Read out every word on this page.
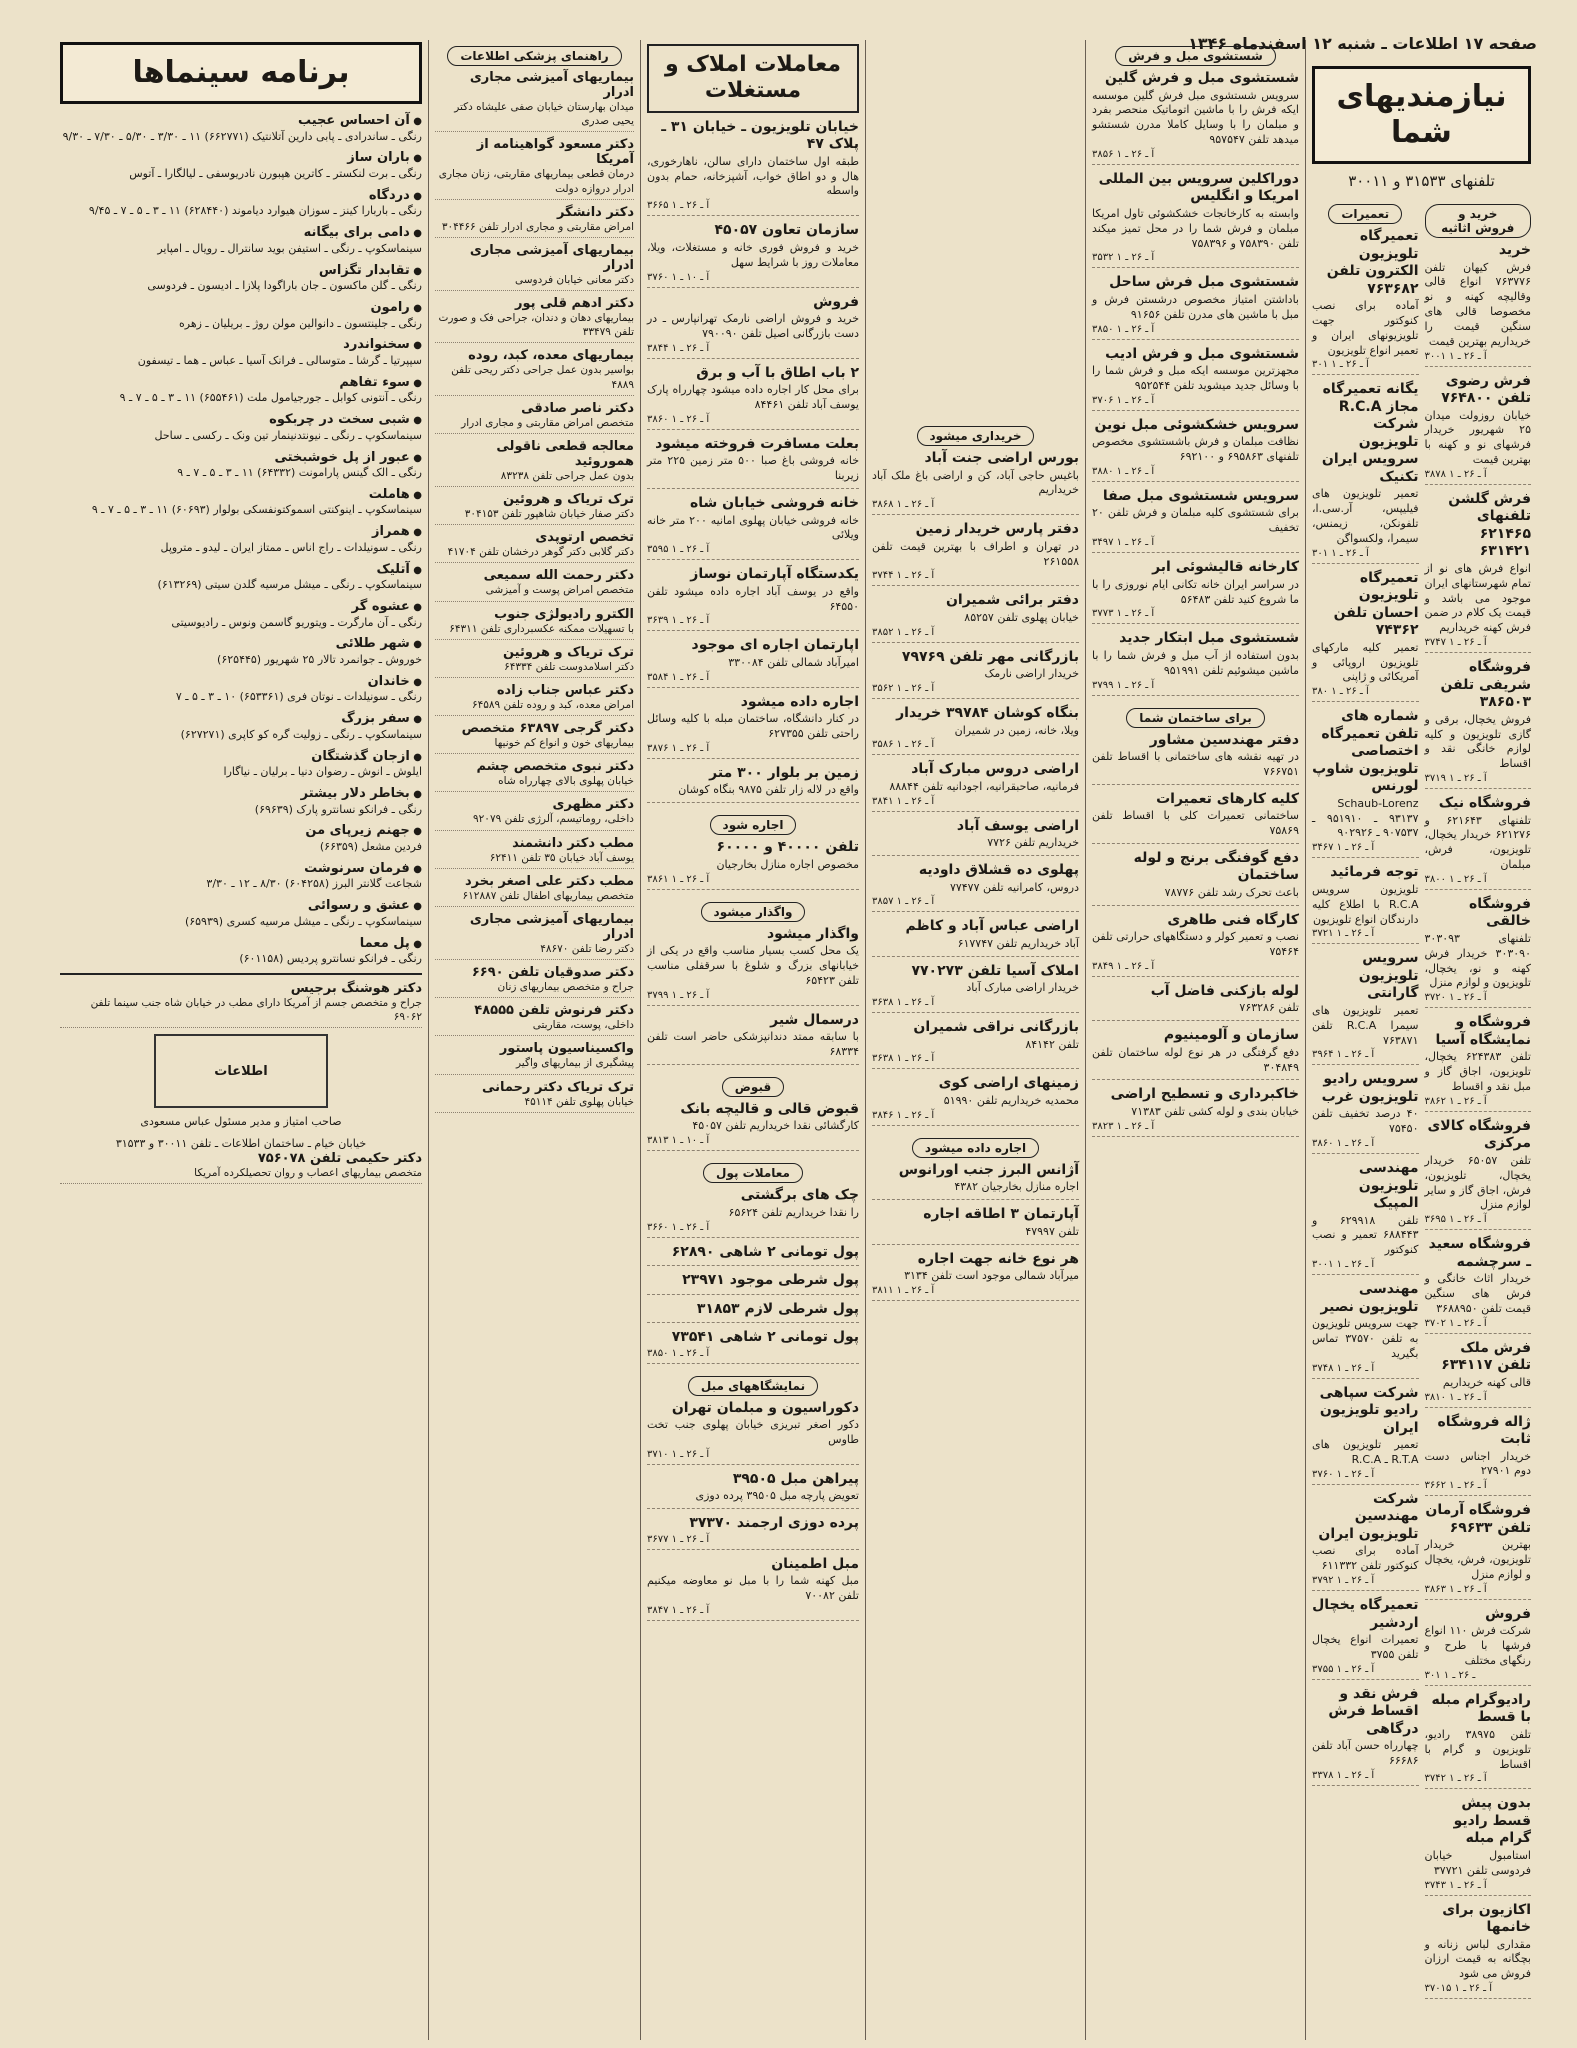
صفحه ۱۷ اطلاعات ـ شنبه ۱۲ اسفندماه ۱۳۴۶
نیازمندیهای شما
تلفنهای ۳۱۵۳۳ و ۳۰۰۱۱
خرید و فروش اثاثیه
خرید

فرش کیهان تلفن ۷۶۳۷۷۶ انواع قالی وقالیچه کهنه و نو مخصوصا قالی های سنگین قیمت را خریداریم بهترین قیمت

۳۰۰۱ آ ـ ۲۶ ـ ۱
فرش رضوی تلفن ۷۶۴۸۰۰

خیابان روزولت میدان ۲۵ شهریور خریدار فرشهای نو و کهنه با بهترین قیمت

۳۸۷۸ آ ـ ۲۶ ـ ۱
فرش گلشن تلفنهای ۶۲۱۴۶۵ ۶۳۱۴۲۱

انواع فرش های نو از تمام شهرستانهای ایران موجود می باشد و قیمت یک کلام در ضمن فرش کهنه خریداریم

۳۷۴۷ آ ـ ۲۶ ـ ۱
فروشگاه شریفی تلفن ۳۸۶۵۰۳

فروش یخچال، برقی و گازی تلویزیون و کلیه لوازم خانگی نقد و اقساط

۳۷۱۹ آ ـ ۲۶ ـ ۱
فروشگاه نیک

تلفنهای ۶۲۱۶۴۳ و ۶۲۱۲۷۶ خریدار یخچال، تلویزیون، فرش، مبلمان

۳۸۰۰ آ ـ ۲۶ ـ ۱
فروشگاه خالقی

تلفنهای ۳۰۳۰۹۳ ۳۰۳۰۹۰ خریدار فرش کهنه و نو، یخچال، تلویزیون و لوازم منزل

۳۷۲۰ آ ـ ۲۶ ـ ۱
فروشگاه و نمایشگاه آسیا

تلفن ۶۲۴۳۸۳ یخچال، تلویزیون، اجاق گاز و مبل نقد و اقساط

۳۸۶۲ آ ـ ۲۶ ـ ۱
فروشگاه کالای مرکزی

تلفن ۶۵۰۵۷ خریدار یخچال، تلویزیون، فرش، اجاق گاز و سایر لوازم منزل

۳۶۹۵ آ ـ ۲۶ ـ ۱
فروشگاه سعید ـ سرچشمه

خریدار اثاث خانگی و فرش های سنگین قیمت تلفن ۳۶۸۸۹۵۰

۳۷۰۲ آ ـ ۲۶ ـ ۱
فرش ملک تلفن ۶۳۴۱۱۷

قالی کهنه خریداریم

۳۸۱۰ آ ـ ۲۶ ـ ۱
ژاله فروشگاه ثابت

خریدار اجناس دست دوم ۲۷۹۰۱

۳۶۶۲ آ ـ ۲۶ ـ ۱
فروشگاه آرمان تلفن ۶۹۶۳۳

بهترین خریدار تلویزیون، فرش، یخچال و لوازم منزل

۳۸۶۳ آ ـ ۲۶ ـ ۱
فروش

شرکت فرش ۱۱۰ انواع فرشها با طرح و رنگهای مختلف

۳۰۱ ـ ۲۶ ـ ۱
رادیوگرام مبله با قسط

تلفن ۳۸۹۷۵ رادیو، تلویزیون و گرام با اقساط

۳۷۴۲ آ ـ ۲۶ ـ ۱
بدون پیش قسط رادیو گرام مبله

استامبول خیابان فردوسی تلفن ۳۷۷۲۱

۳۷۴۳ آ ـ ۲۶ ـ ۱
اکازیون برای خانمها

مقداری لباس زنانه و بچگانه به قیمت ارزان فروش می شود

۳۷۰۱۵ آ ـ ۲۶ ـ ۱
تعمیرات
تعمیرگاه تلویزیون الکترون تلفن ۷۶۳۶۸۲

آماده برای نصب کنوکتور جهت تلویزیونهای ایران و تعمیر انواع تلویزیون

۳۰۱ آ ـ ۲۶ ـ ۱
یگانه تعمیرگاه مجاز R.C.A شرکت تلویزیون سرویس ایران تکنیک

تعمیر تلویزیون های فیلیپس، آر.سی.ا، تلفونکن، زیمنس، سیمرا، ولکسواگن

۳۰۱ آ ـ ۲۶ ـ ۱
تعمیرگاه تلویزیون احسان تلفن ۷۴۳۶۲

تعمیر کلیه مارکهای تلویزیون اروپائی و آمریکائی و ژاپنی

۳۸۰ آ ـ ۲۶ ـ ۱
شماره های تلفن تعمیرگاه اختصاصی تلویزیون شاوپ لورنس

Schaub-Lorenz ۹۳۱۳۷ ـ ۹۵۱۹۱۰ ـ ۹۰۷۵۳۷ ـ ۹۰۲۹۲۶

۳۴۶۷ آ ـ ۲۶ ـ ۱
توجه فرمائید

تلویزیون سرویس R.C.A با اطلاع کلیه دارندگان انواع تلویزیون

۳۷۲۱ آ ـ ۲۶ ـ ۱
سرویس تلویزیون گارانتی

تعمیر تلویزیون های سیمرا R.C.A تلفن ۷۶۳۸۷۱

۳۹۶۴ آ ـ ۲۶ ـ ۱
سرویس رادیو تلویزیون غرب

۴۰ درصد تخفیف تلفن ۷۵۴۵۰

۳۸۶۰ آ ـ ۲۶ ـ ۱
مهندسی تلویزیون المپیک

تلفن ۶۲۹۹۱۸ و ۶۸۸۴۴۳ تعمیر و نصب کنوکتور

۳۰۰۱ آ ـ ۲۶ ـ ۱
مهندسی تلویزیون نصیر

جهت سرویس تلویزیون به تلفن ۳۷۵۷۰ تماس بگیرید

۳۷۴۸ آ ـ ۲۶ ـ ۱
شرکت سپاهی رادیو تلویزیون ایران

تعمیر تلویزیون های R.T.A ـ R.C.A

۳۷۶۰ آ ـ ۲۶ ـ ۱
شرکت مهندسین تلویزیون ایران

آماده برای نصب کنوکتور تلفن ۶۱۱۳۳۲

۳۷۹۲ آ ـ ۲۶ ـ ۱
تعمیرگاه یخچال اردشیر

تعمیرات انواع یخچال تلفن ۳۷۵۵

۳۷۵۵ آ ـ ۲۶ ـ ۱
فرش نقد و اقساط فرش درگاهی

چهارراه حسن آباد تلفن ۶۶۶۸۶

۳۳۷۸ آ ـ ۲۶ ـ ۱
شستشوی مبل و فرش
شستشوی مبل و فرش گلین

سرویس شستشوی مبل فرش گلین موسسه ایکه فرش را با ماشین اتوماتیک منحصر بفرد و مبلمان را با وسایل کاملا مدرن شستشو میدهد تلفن ۹۵۷۵۴۷

۳۸۵۶ آ ـ ۲۶ ـ ۱
دوراکلین سرویس بین المللی امریکا و انگلیس

وابسته به کارخانجات خشکشوئی تاول امریکا مبلمان و فرش شما را در محل تمیز میکند تلفن ۷۵۸۳۹۰ و ۷۵۸۳۹۶

۳۵۳۲ آ ـ ۲۶ ـ ۱
شستشوی مبل فرش ساحل

باداشتن امتیاز مخصوص درشستن فرش و مبل با ماشین های مدرن تلفن ۹۱۶۵۶

۳۸۵۰ آ ـ ۲۶ ـ ۱
شستشوی مبل و فرش ادیب

مجهزترین موسسه ایکه مبل و فرش شما را با وسائل جدید میشوید تلفن ۹۵۲۵۴۴

۳۷۰۶ آ ـ ۲۶ ـ ۱
سرویس خشکشوئی مبل نوین

نظافت مبلمان و فرش باشستشوی مخصوص تلفنهای ۶۹۵۸۶۳ و ۶۹۲۱۰۰

۳۸۸۰ آ ـ ۲۶ ـ ۱
سرویس شستشوی مبل صفا

برای شستشوی کلیه مبلمان و فرش تلفن ۲۰ تخفیف

۳۴۹۷ آ ـ ۲۶ ـ ۱
کارخانه قالیشوئی ابر

در سراسر ایران خانه تکانی ایام نوروزی را با ما شروع کنید تلفن ۵۶۴۸۳

۳۷۷۳ آ ـ ۲۶ ـ ۱
شستشوی مبل ابتکار جدید

بدون استفاده از آب مبل و فرش شما را با ماشین میشوئیم تلفن ۹۵۱۹۹۱

۳۷۹۹ آ ـ ۲۶ ـ ۱
برای ساختمان شما
دفتر مهندسین مشاور

در تهیه نقشه های ساختمانی با اقساط تلفن ۷۶۶۷۵۱

کلیه کارهای تعمیرات

ساختمانی تعمیرات کلی با اقساط تلفن ۷۵۸۶۹

دفع گوفنگی برنج و لوله ساختمان

باعث تحرک رشد تلفن ۷۸۷۷۶

کارگاه فنی طاهری

نصب و تعمیر کولر و دستگاههای حرارتی تلفن ۷۵۴۶۴

۳۸۴۹ آ ـ ۲۶ ـ ۱
لوله بازکنی فاضل آب

تلفن ۷۶۳۲۸۶

سازمان و آلومینیوم

دفع گرفتگی در هر نوع لوله ساختمان تلفن ۳۰۴۸۴۹

خاکبرداری و تسطیح اراضی

خیابان بندی و لوله کشی تلفن ۷۱۳۸۳

۳۸۲۳ آ ـ ۲۶ ـ ۱
خریداری میشود
بورس اراضی جنت آباد

باغیس حاجی آباد، کن و اراضی باغ ملک آباد خریداریم

۳۸۶۸ آ ـ ۲۶ ـ ۱
دفتر پارس خریدار زمین

در تهران و اطراف با بهترین قیمت تلفن ۲۶۱۵۵۸

۳۷۴۴ آ ـ ۲۶ ـ ۱
دفتر برائی شمیران

خیابان پهلوی تلفن ۸۵۲۵۷

۳۸۵۲ آ ـ ۲۶ ـ ۱
بازرگانی مهر تلفن ۷۹۷۶۹

خریدار اراضی نارمک

۳۵۶۲ آ ـ ۲۶ ـ ۱
بنگاه کوشان ۳۹۷۸۴ خریدار

ویلا، خانه، زمین در شمیران

۳۵۸۶ آ ـ ۲۶ ـ ۱
اراضی دروس مبارک آباد

فرمانیه، صاحبقرانیه، اجودانیه تلفن ۸۸۸۴۴

۳۸۴۱ آ ـ ۲۶ ـ ۱
اراضی یوسف آباد

خریداریم تلفن ۷۷۲۶

پهلوی ده قشلاق داودیه

دروس، کامرانیه تلفن ۷۷۴۷۷

۳۸۵۷ آ ـ ۲۶ ـ ۱
اراضی عباس آباد و کاظم

آباد خریداریم تلفن ۶۱۷۷۴۷

املاک آسیا تلفن ۷۷۰۲۷۳

خریدار اراضی مبارک آباد

۳۶۳۸ آ ـ ۲۶ ـ ۱
بازرگانی نراقی شمیران

تلفن ۸۴۱۴۲

۳۶۳۸ آ ـ ۲۶ ـ ۱
زمینهای اراضی کوی

محمدیه خریداریم تلفن ۵۱۹۹۰

۳۸۴۶ آ ـ ۲۶ ـ ۱
اجاره داده میشود
آژانس البرز جنب اورانوس

اجاره منازل بخارجیان ۴۳۸۲

آپارتمان ۳ اطاقه اجاره

تلفن ۴۷۹۹۷

هر نوع خانه جهت اجاره

میرآباد شمالی موجود است تلفن ۳۱۳۴

۳۸۱۱ آ ـ ۲۶ ـ ۱
معاملات املاک و مستغلات
خیابان تلویزیون ـ خیابان ۳۱ ـ پلاک ۴۷

طبقه اول ساختمان دارای سالن، ناهارخوری، هال و دو اطاق خواب، آشپزخانه، حمام بدون واسطه

۳۶۶۵ آ ـ ۲۶ ـ ۱
سازمان تعاون ۴۵۰۵۷

خرید و فروش فوری خانه و مستغلات، ویلا، معاملات روز با شرایط سهل

۳۷۶۰ آ ـ ۱۰ ـ ۱
فروش

خرید و فروش اراضی نارمک تهرانپارس ـ در دست بازرگانی اصیل تلفن ۷۹۰۰۹۰

۳۸۴۴ آ ـ ۲۶ ـ ۱
۲ باب اطاق با آب و برق

برای محل کار اجاره داده میشود چهارراه پارک یوسف آباد تلفن ۸۴۴۶۱

۳۸۶۰ آ ـ ۲۶ ـ ۱
بعلت مسافرت فروخته میشود

خانه فروشی باغ صبا ۵۰۰ متر زمین ۲۲۵ متر زیربنا

خانه فروشی خیابان شاه

خانه فروشی خیابان پهلوی امانیه ۲۰۰ متر خانه ویلائی

۳۵۹۵ آ ـ ۲۶ ـ ۱
یکدستگاه آپارتمان نوساز

واقع در یوسف آباد اجاره داده میشود تلفن ۶۴۵۵۰

۳۶۳۹ آ ـ ۲۶ ـ ۱
اپارتمان اجاره ای موجود

امیرآباد شمالی تلفن ۳۳۰۰۸۴

۳۵۸۴ آ ـ ۲۶ ـ ۱
اجاره داده میشود

در کنار دانشگاه، ساختمان مبله با کلیه وسائل راحتی تلفن ۶۲۷۳۵۵

۳۸۷۶ آ ـ ۲۶ ـ ۱
زمین بر بلوار ۳۰۰ متر

واقع در لاله زار تلفن ۹۸۷۵ بنگاه کوشان

اجاره شود
تلفن ۴۰۰۰۰ و ۶۰۰۰۰

مخصوص اجاره منازل بخارجیان

۳۸۶۱ آ ـ ۲۶ ـ ۱
واگذار میشود
واگذار میشود

یک محل کسب بسیار مناسب واقع در یکی از خیابانهای بزرگ و شلوغ با سرقفلی مناسب تلفن ۶۵۴۲۳

۳۷۹۹ آ ـ ۲۶ ـ ۱
درسمال شیر

با سابقه ممتد دندانپزشکی حاضر است تلفن ۶۸۳۳۴

قبوض
قبوض قالی و قالیچه بانک

کارگشائی نقدا خریداریم تلفن ۴۵۰۵۷

۳۸۱۳ آ ـ ۱۰ ـ ۱
معاملات پول
چک های برگشتی

را نقدا خریداریم تلفن ۶۵۶۲۴

۳۶۶۰ آ ـ ۲۶ ـ ۱
پول تومانی ۲ شاهی ۶۲۸۹۰
پول شرطی موجود ۲۳۹۷۱
پول شرطی لازم ۳۱۸۵۳
پول تومانی ۲ شاهی ۷۳۵۴۱
۳۸۵۰ آ ـ ۲۶ ـ ۱
نمایشگاههای مبل
دکوراسیون و مبلمان تهران

دکور اصغر تبریزی خیابان پهلوی جنب تخت طاوس

۳۷۱۰ آ ـ ۲۶ ـ ۱
پیراهن مبل ۳۹۵۰۵

تعویض پارچه مبل ۳۹۵۰۵ پرده دوزی

پرده دوزی ارجمند ۳۷۳۷۰
۳۶۷۷ آ ـ ۲۶ ـ ۱
مبل اطمینان

مبل کهنه شما را با مبل نو معاوضه میکنیم تلفن ۷۰۰۸۲

۳۸۴۷ آ ـ ۲۶ ـ ۱
راهنمای پزشکی اطلاعات
بیماریهای آمیزشی مجاری ادرار

میدان بهارستان خیابان صفی علیشاه دکتر یحیی صدری

دکتر مسعود گواهینامه از آمریکا

درمان قطعی بیماریهای مقاربتی، زنان مجاری ادرار دروازه دولت

دکتر دانشگر

امراض مقاربتی و مجاری ادرار تلفن ۳۰۴۴۶۶

بیماریهای آمیزشی مجاری ادرار

دکتر معانی خیابان فردوسی

دکتر ادهم قلی پور

بیماریهای دهان و دندان، جراحی فک و صورت تلفن ۳۳۴۷۹

بیماریهای معده، کبد، روده

بواسیر بدون عمل جراحی دکتر ریحی تلفن ۴۸۸۹

دکتر ناصر صادقی

متخصص امراض مقاربتی و مجاری ادرار

معالجه قطعی ناقولی هموروئید

بدون عمل جراحی تلفن ۸۳۲۳۸

ترک تریاک و هروئین

دکتر صفار خیابان شاهپور تلفن ۳۰۴۱۵۳

تخصص ارتوپدی

دکتر گلابی دکتر گوهر درخشان تلفن ۴۱۷۰۴

دکتر رحمت الله سمیعی

متخصص امراض پوست و آمیزشی

الکترو رادیولژی جنوب

با تسهیلات ممکنه عکسبرداری تلفن ۶۴۳۱۱

ترک تریاک و هروئین

دکتر اسلامدوست تلفن ۶۴۳۳۴

دکتر عباس جناب زاده

امراض معده، کبد و روده تلفن ۶۴۵۸۹

دکتر گرجی ۶۳۸۹۷ متخصص

بیماریهای خون و انواع کم خونیها

دکتر نبوی متخصص چشم

خیابان پهلوی بالای چهارراه شاه

دکتر مظهری

داخلی، روماتیسم، آلرژی تلفن ۹۲۰۷۹

مطب دکتر دانشمند

یوسف آباد خیابان ۳۵ تلفن ۶۲۴۱۱

مطب دکتر علی اصغر بخرد

متخصص بیماریهای اطفال تلفن ۶۱۲۸۸۷

بیماریهای آمیزشی مجاری ادرار

دکتر رضا تلفن ۴۸۶۷۰

دکتر صدوقیان تلفن ۶۶۹۰

جراح و متخصص بیماریهای زنان

دکتر فرنوش تلفن ۴۸۵۵۵

داخلی، پوست، مقاربتی

واکسیناسیون پاستور

پیشگیری از بیماریهای واگیر

ترک تریاک دکتر رحمانی

خیابان پهلوی تلفن ۴۵۱۱۴

برنامه سینماها
● آن احساس عجیب
رنگی ـ ساندرادی ـ پابی دارین آتلانتیک (۶۶۲۷۷۱) ۱۱ ـ ۳/۳۰ ـ ۵/۳۰ ـ ۷/۳۰ ـ ۹/۳۰
● باران ساز
رنگی ـ برت لنکستر ـ کاترین هپبورن نادریوسفی ـ لیالگارا ـ آتوس
● دردگاه
رنگی ـ باربارا کینز ـ سوزان هیوارد دیاموند (۶۲۸۴۴۰) ۱۱ ـ ۳ ـ ۵ ـ ۷ ـ ۹/۴۵
● دامی برای بیگانه
سینماسکوپ ـ رنگی ـ استیفن بوید سانترال ـ رویال ـ امپایر
● تقابدار تگزاس
رنگی ـ گلن ماکسون ـ جان باراگودا پلازا ـ ادیسون ـ فردوسی
● رامون
رنگی ـ جلینتسون ـ دانوالین مولن روژ ـ بریلیان ـ زهره
● سخنواندرد
سپپرتیا ـ گرشا ـ متوسالی ـ فرانک آسیا ـ عباس ـ هما ـ تیسفون
● سوء تفاهم
رنگی ـ آنتونی کوابل ـ جورجیامول ملت (۶۵۵۴۶۱) ۱۱ ـ ۳ ـ ۵ ـ ۷ ـ ۹
● شبی سخت در چربکوه
سینماسکوپ ـ رنگی ـ نیونتدنینمار تین ونک ـ رکسی ـ ساحل
● عبور از پل خوشبختی
رنگی ـ الک گینس پارامونت (۶۴۳۳۲) ۱۱ ـ ۳ ـ ۵ ـ ۷ ـ ۹
● هاملت
سینماسکوپ ـ اینوکنتی اسموکتونفسکی بولوار (۶۰۶۹۳) ۱۱ ـ ۳ ـ ۵ ـ ۷ ـ ۹
● همراز
رنگی ـ سونیلدات ـ راج اناس ـ ممتاز ایران ـ لیدو ـ متروپل
● آتلیک
سینماسکوپ ـ رنگی ـ میشل مرسیه گلدن سیتی (۶۱۳۲۶۹)
● عشوه گر
رنگی ـ آن مارگرت ـ ویتوریو گاسمن ونوس ـ رادیوسیتی
● شهر طلائی
خوروش ـ جوانمرد تالار ۲۵ شهریور (۶۲۵۴۴۵)
● خاندان
رنگی ـ سونیلدات ـ نوتان فری (۶۵۳۳۶۱) ۱۰ ـ ۳ ـ ۵ ـ ۷
● سفر بزرگ
سینماسکوپ ـ رنگی ـ زولیت گره کو کاپری (۶۲۷۲۷۱)
● ازجان گذشتگان
ایلوش ـ انوش ـ رضوان دنیا ـ برلیان ـ نیاگارا
● بخاطر دلار بیشتر
رنگی ـ فرانکو نسانترو پارک (۶۹۶۳۹)
● جهنم زیرپای من
فردین مشعل (۶۶۳۵۹)
● فرمان سرنوشت
شجاعت گلانتر البرز (۶۰۴۲۵۸) ۸/۳۰ ـ ۱۲ ـ ۳/۳۰
● عشق و رسوائی
سینماسکوپ ـ رنگی ـ میشل مرسیه کسری (۶۵۹۳۹)
● پل معما
رنگی ـ فرانکو نسانترو پردیس (۶۰۱۱۵۸)
دکتر هوشنگ برجیس

جراح و متخصص جسم از آمریکا دارای مطب در خیابان شاه جنب سینما تلفن ۶۹۰۶۲

اطلاعات
صاحب امتیاز و مدیر مسئول عباس مسعودی
خیابان خیام ـ ساختمان اطلاعات ـ تلفن ۳۰۰۱۱ و ۳۱۵۳۳
دکتر حکیمی تلفن ۷۵۶۰۷۸

متخصص بیماریهای اعصاب و روان تحصیلکرده آمریکا
